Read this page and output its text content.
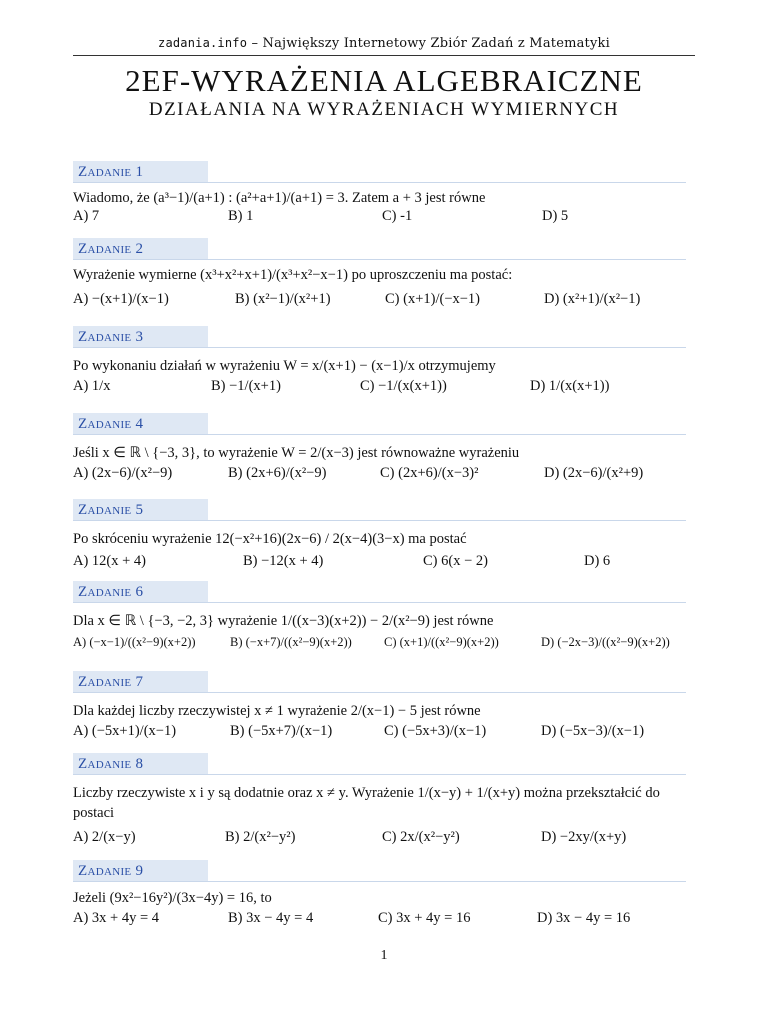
zadania.info – Największy Internetowy Zbiór Zadań z Matematyki
2EF-WYRAŻENIA ALGEBRAICZNE
DZIAŁANIA NA WYRAŻENIACH WYMIERNYCH
Zadanie 1
Wiadomo, że (a³−1)/(a+1) : (a²+a+1)/(a+1) = 3. Zatem a + 3 jest równe
A) 7	B) 1	C) -1	D) 5
Zadanie 2
Wyrażenie wymierne (x³+x²+x+1)/(x³+x²−x−1) po uproszczeniu ma postać:
A) −(x+1)/(x−1)	B) (x²−1)/(x²+1)	C) (x+1)/(−x−1)	D) (x²+1)/(x²−1)
Zadanie 3
Po wykonaniu działań w wyrażeniu W = x/(x+1) − (x−1)/x otrzymujemy
A) 1/x	B) −1/(x+1)	C) −1/(x(x+1))	D) 1/(x(x+1))
Zadanie 4
Jeśli x ∈ ℝ \ {−3, 3}, to wyrażenie W = 2/(x−3) jest równoważne wyrażeniu
A) (2x−6)/(x²−9)	B) (2x+6)/(x²−9)	C) (2x+6)/(x−3)²	D) (2x−6)/(x²+9)
Zadanie 5
Po skróceniu wyrażenie 12(−x²+16)(2x−6) / 2(x−4)(3−x) ma postać
A) 12(x + 4)	B) −12(x + 4)	C) 6(x − 2)	D) 6
Zadanie 6
Dla x ∈ ℝ \ {−3, −2, 3} wyrażenie 1/((x−3)(x+2)) − 2/(x²−9) jest równe
A) (−x−1)/((x²−9)(x+2))	B) (−x+7)/((x²−9)(x+2))	C) (x+1)/((x²−9)(x+2))	D) (−2x−3)/((x²−9)(x+2))
Zadanie 7
Dla każdej liczby rzeczywistej x ≠ 1 wyrażenie 2/(x−1) − 5 jest równe
A) (−5x+1)/(x−1)	B) (−5x+7)/(x−1)	C) (−5x+3)/(x−1)	D) (−5x−3)/(x−1)
Zadanie 8
Liczby rzeczywiste x i y są dodatnie oraz x ≠ y. Wyrażenie 1/(x−y) + 1/(x+y) można przekształcić do postaci
A) 2/(x−y)	B) 2/(x²−y²)	C) 2x/(x²−y²)	D) −2xy/(x+y)
Zadanie 9
Jeżeli (9x²−16y²)/(3x−4y) = 16, to
A) 3x + 4y = 4	B) 3x − 4y = 4	C) 3x + 4y = 16	D) 3x − 4y = 16
1
